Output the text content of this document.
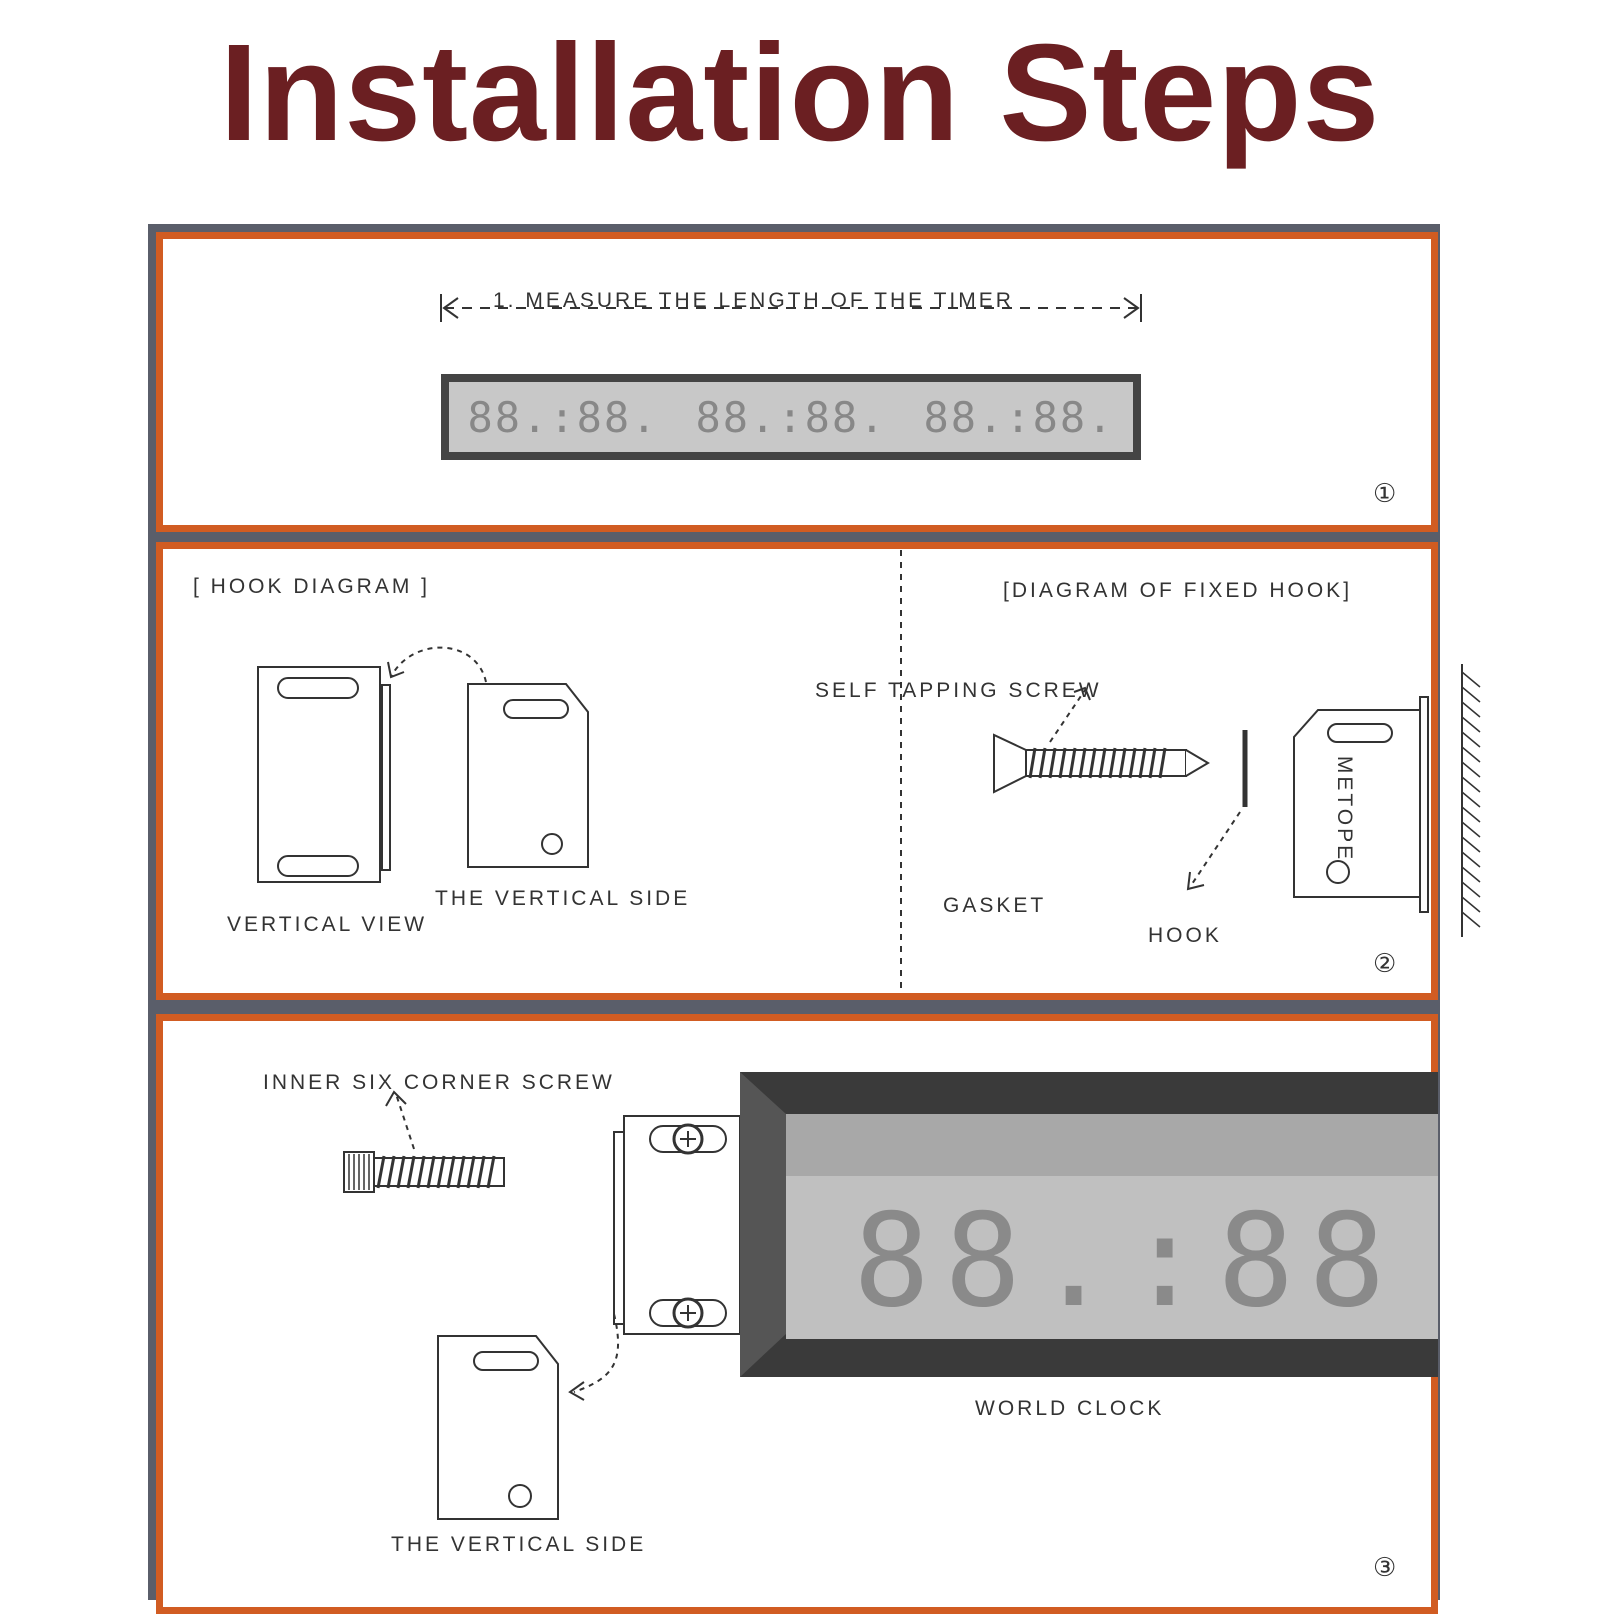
Installation Steps
1. MEASURE THE LENGTH OF THE TIMER
88.:88. 88.:88. 88.:88.
①
[ HOOK DIAGRAM ]	[DIAGRAM OF FIXED HOOK]
VERTICAL VIEW
THE VERTICAL SIDE
SELF TAPPING SCREW
GASKET
HOOK
METOPE
②
INNER SIX CORNER SCREW
88.:88
WORLD CLOCK
THE VERTICAL SIDE
③
